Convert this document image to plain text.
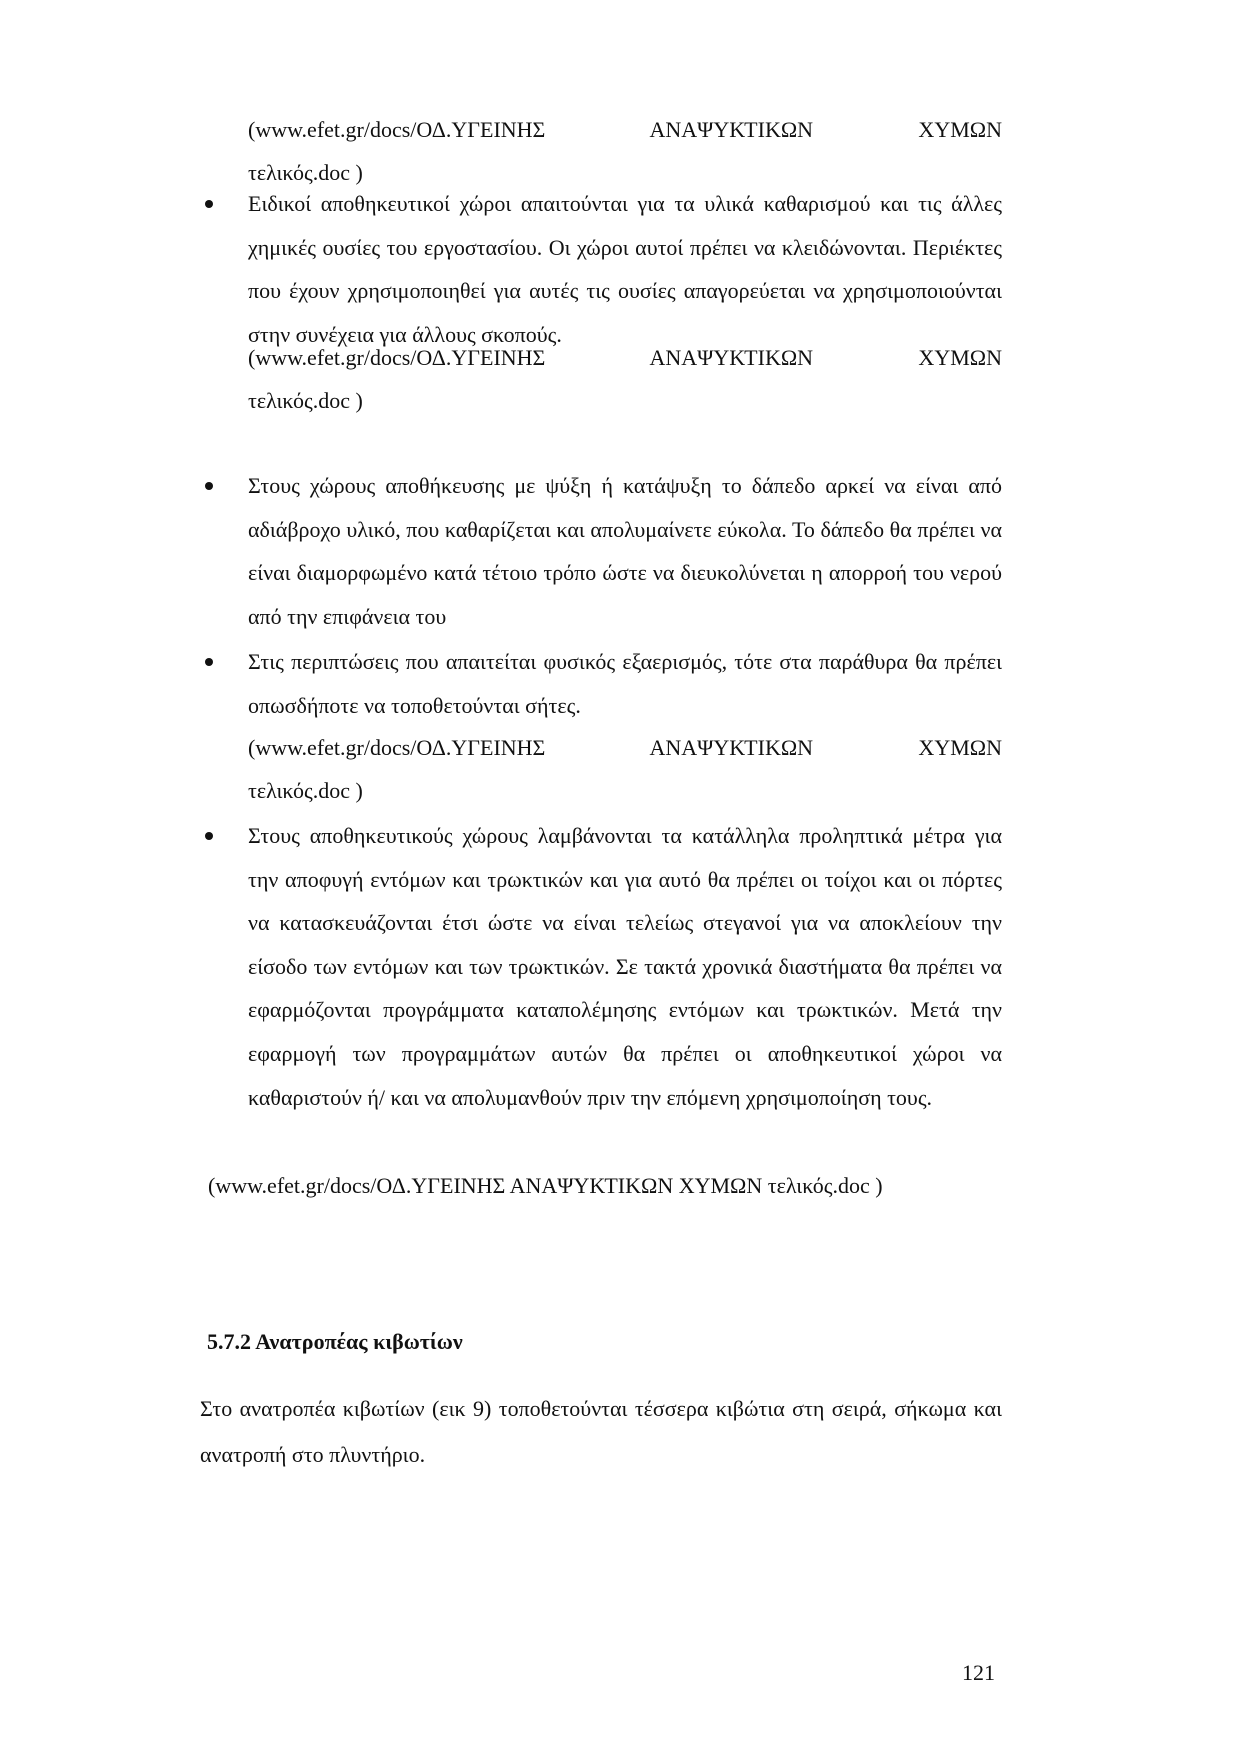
(www.efet.gr/docs/ΟΔ.ΥΓΕΙΝΗΣ ΑΝΑΨΥΚΤΙΚΩΝ ΧΥΜΩΝ
τελικός.doc )
Ειδικοί αποθηκευτικοί χώροι απαιτούνται για τα υλικά καθαρισμού και τις άλλες χημικές ουσίες του εργοστασίου. Οι χώροι αυτοί πρέπει να κλειδώνονται. Περιέκτες που έχουν χρησιμοποιηθεί για αυτές τις ουσίες απαγορεύεται να χρησιμοποιούνται στην συνέχεια για άλλους σκοπούς.
(www.efet.gr/docs/ΟΔ.ΥΓΕΙΝΗΣ ΑΝΑΨΥΚΤΙΚΩΝ ΧΥΜΩΝ
τελικός.doc )
Στους χώρους αποθήκευσης με ψύξη ή κατάψυξη το δάπεδο αρκεί να είναι από αδιάβροχο υλικό, που καθαρίζεται και απολυμαίνετε εύκολα. Το δάπεδο θα πρέπει να είναι διαμορφωμένο κατά τέτοιο τρόπο ώστε να διευκολύνεται η απορροή του νερού από την επιφάνεια του
Στις περιπτώσεις που απαιτείται φυσικός εξαερισμός, τότε στα παράθυρα θα πρέπει οπωσδήποτε να τοποθετούνται σήτες.
(www.efet.gr/docs/ΟΔ.ΥΓΕΙΝΗΣ ΑΝΑΨΥΚΤΙΚΩΝ ΧΥΜΩΝ
τελικός.doc )
Στους αποθηκευτικούς χώρους λαμβάνονται τα κατάλληλα προληπτικά μέτρα για την αποφυγή εντόμων και τρωκτικών και για αυτό θα πρέπει οι τοίχοι και οι πόρτες να κατασκευάζονται έτσι ώστε να είναι τελείως στεγανοί για να αποκλείουν την είσοδο των εντόμων και των τρωκτικών. Σε τακτά χρονικά διαστήματα θα πρέπει να εφαρμόζονται προγράμματα καταπολέμησης εντόμων και τρωκτικών. Μετά την εφαρμογή των προγραμμάτων αυτών θα πρέπει οι αποθηκευτικοί χώροι να καθαριστούν ή/ και να απολυμανθούν πριν την επόμενη χρησιμοποίηση τους.
(www.efet.gr/docs/ΟΔ.ΥΓΕΙΝΗΣ ΑΝΑΨΥΚΤΙΚΩΝ ΧΥΜΩΝ τελικός.doc )
5.7.2 Ανατροπέας κιβωτίων
Στο ανατροπέα κιβωτίων (εικ 9) τοποθετούνται τέσσερα κιβώτια στη σειρά, σήκωμα και ανατροπή στο πλυντήριο.
121
